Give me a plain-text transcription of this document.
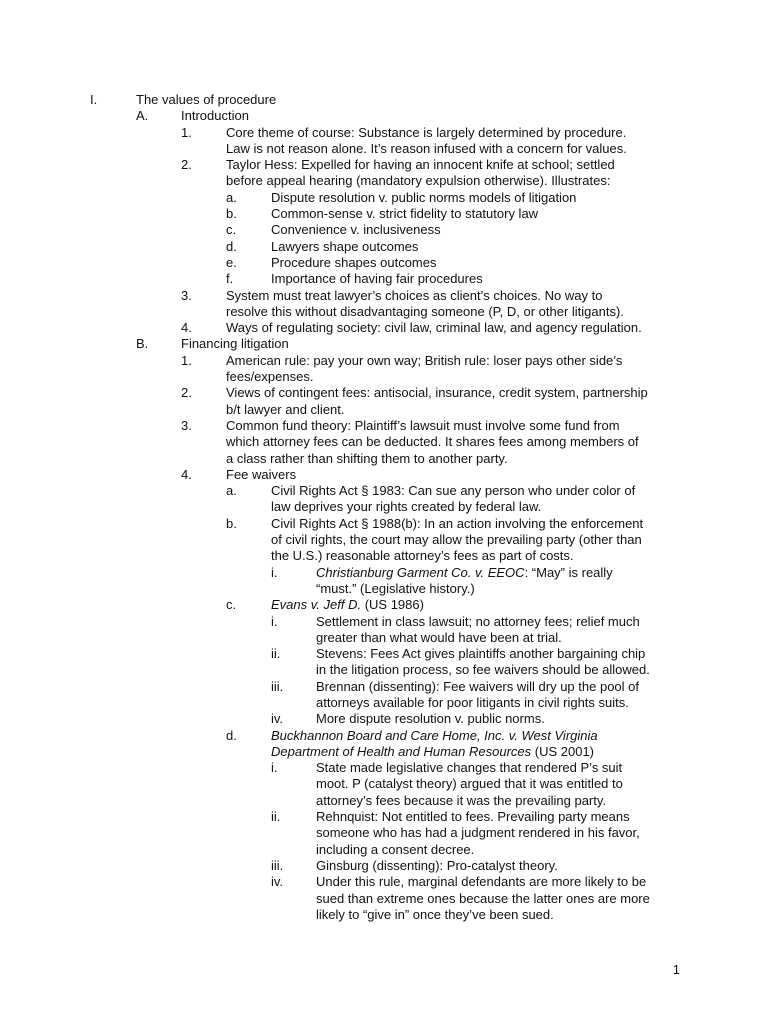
I.	The values of procedure
A.	Introduction
1.	Core theme of course: Substance is largely determined by procedure.
Law is not reason alone. It’s reason infused with a concern for values.
2.	Taylor Hess: Expelled for having an innocent knife at school; settled
before appeal hearing (mandatory expulsion otherwise). Illustrates:
a.	Dispute resolution v. public norms models of litigation
b.	Common-sense v. strict fidelity to statutory law
c.	Convenience v. inclusiveness
d.	Lawyers shape outcomes
e.	Procedure shapes outcomes
f.	Importance of having fair procedures
3.	System must treat lawyer’s choices as client’s choices. No way to
resolve this without disadvantaging someone (P, D, or other litigants).
4.	Ways of regulating society: civil law, criminal law, and agency regulation.
B.	Financing litigation
1.	American rule: pay your own way; British rule: loser pays other side’s
fees/expenses.
2.	Views of contingent fees: antisocial, insurance, credit system, partnership
b/t lawyer and client.
3.	Common fund theory: Plaintiff’s lawsuit must involve some fund from
which attorney fees can be deducted. It shares fees among members of
a class rather than shifting them to another party.
4.	Fee waivers
a.	Civil Rights Act § 1983: Can sue any person who under color of
law deprives your rights created by federal law.
b.	Civil Rights Act § 1988(b): In an action involving the enforcement
of civil rights, the court may allow the prevailing party (other than
the U.S.) reasonable attorney’s fees as part of costs.
i.	Christianburg Garment Co. v. EEOC: “May” is really
“must.” (Legislative history.)
c.	Evans v. Jeff D. (US 1986)
i.	Settlement in class lawsuit; no attorney fees; relief much
greater than what would have been at trial.
ii.	Stevens: Fees Act gives plaintiffs another bargaining chip
in the litigation process, so fee waivers should be allowed.
iii.	Brennan (dissenting): Fee waivers will dry up the pool of
attorneys available for poor litigants in civil rights suits.
iv.	More dispute resolution v. public norms.
d.	Buckhannon Board and Care Home, Inc. v. West Virginia
Department of Health and Human Resources (US 2001)
i.	State made legislative changes that rendered P’s suit
moot. P (catalyst theory) argued that it was entitled to
attorney’s fees because it was the prevailing party.
ii.	Rehnquist: Not entitled to fees. Prevailing party means
someone who has had a judgment rendered in his favor,
including a consent decree.
iii.	Ginsburg (dissenting): Pro-catalyst theory.
iv.	Under this rule, marginal defendants are more likely to be
sued than extreme ones because the latter ones are more
likely to “give in” once they’ve been sued.
1
